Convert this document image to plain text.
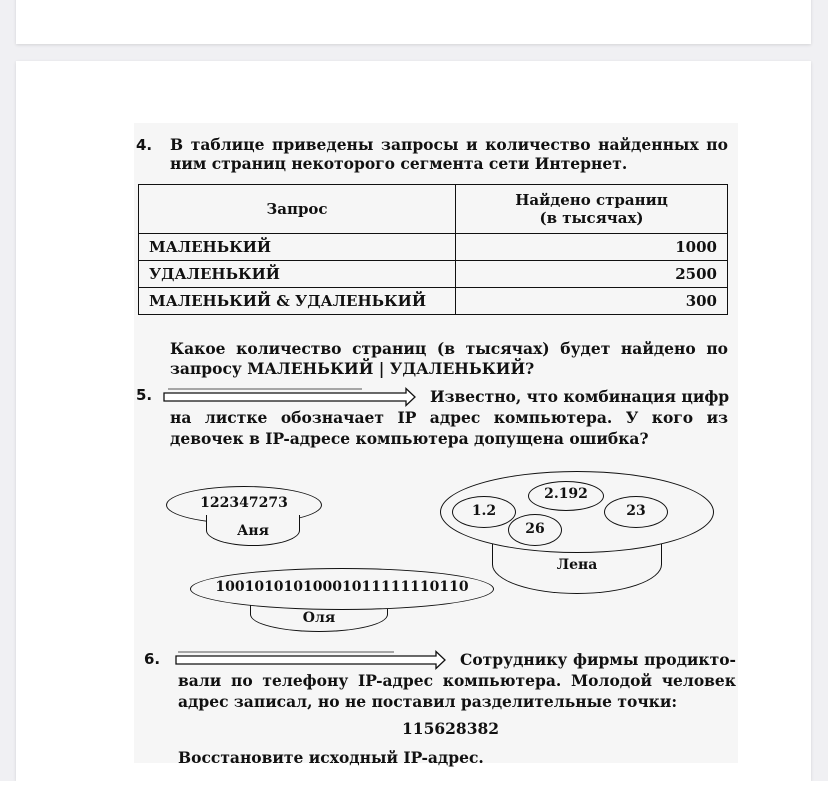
4. В таблице приведены запросы и количество найденных по
ним страниц некоторого сегмента сети Интернет.
Запрос	Найдено страниц
(в тысячах)
МАЛЕНЬКИЙ	1000
УДАЛЕНЬКИЙ	2500
МАЛЕНЬКИЙ & УДАЛЕНЬКИЙ	300
Какое количество страниц (в тысячах) будет найдено по
запросу МАЛЕНЬКИЙ | УДАЛЕНЬКИЙ?
5.	Известно, что комбинация цифр
на листке обозначает IP адрес компьютера. У кого из
девочек в IP-адресе компьютера допущена ошибка?
122347273
Аня
2.192
1.2
26
23
Лена
10010101010001011111110110
Оля
6.	Сотруднику фирмы продикто-
вали по телефону IP-адрес компьютера. Молодой человек
адрес записал, но не поставил разделительные точки:
115628382
Восстановите исходный IP-адрес.
